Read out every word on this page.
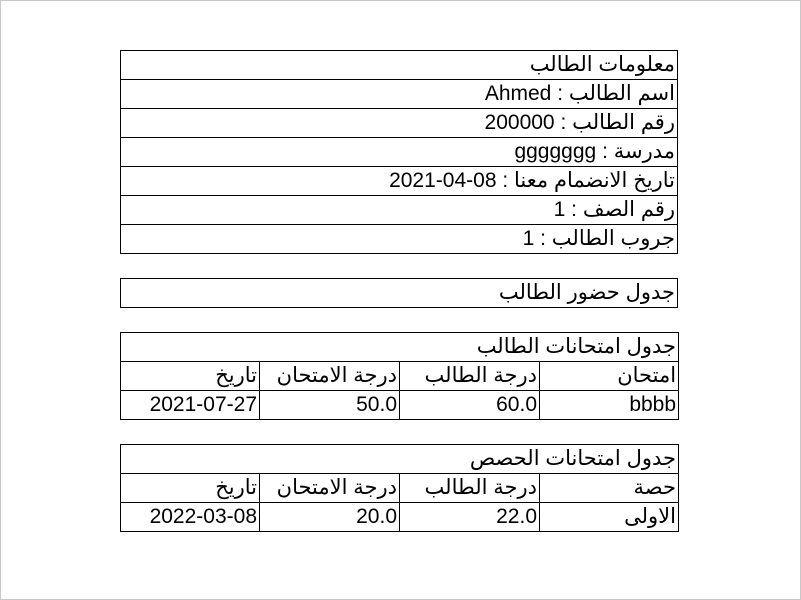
معلومات الطالب
اسم الطالب : Ahmed
رقم الطالب : 200000
مدرسة : ggggggg
تاريخ الانضمام معنا : 2021-04-08
رقم الصف : 1
جروب الطالب : 1
جدول حضور الطالب
جدول امتحانات الطالب			
تاريخ	درجة الامتحان	درجة الطالب	امتحان
2021-07-27	50.0	60.0	bbbb
جدول امتحانات الحصص			
تاريخ	درجة الامتحان	درجة الطالب	حصة
2022-03-08	20.0	22.0	الاولى
